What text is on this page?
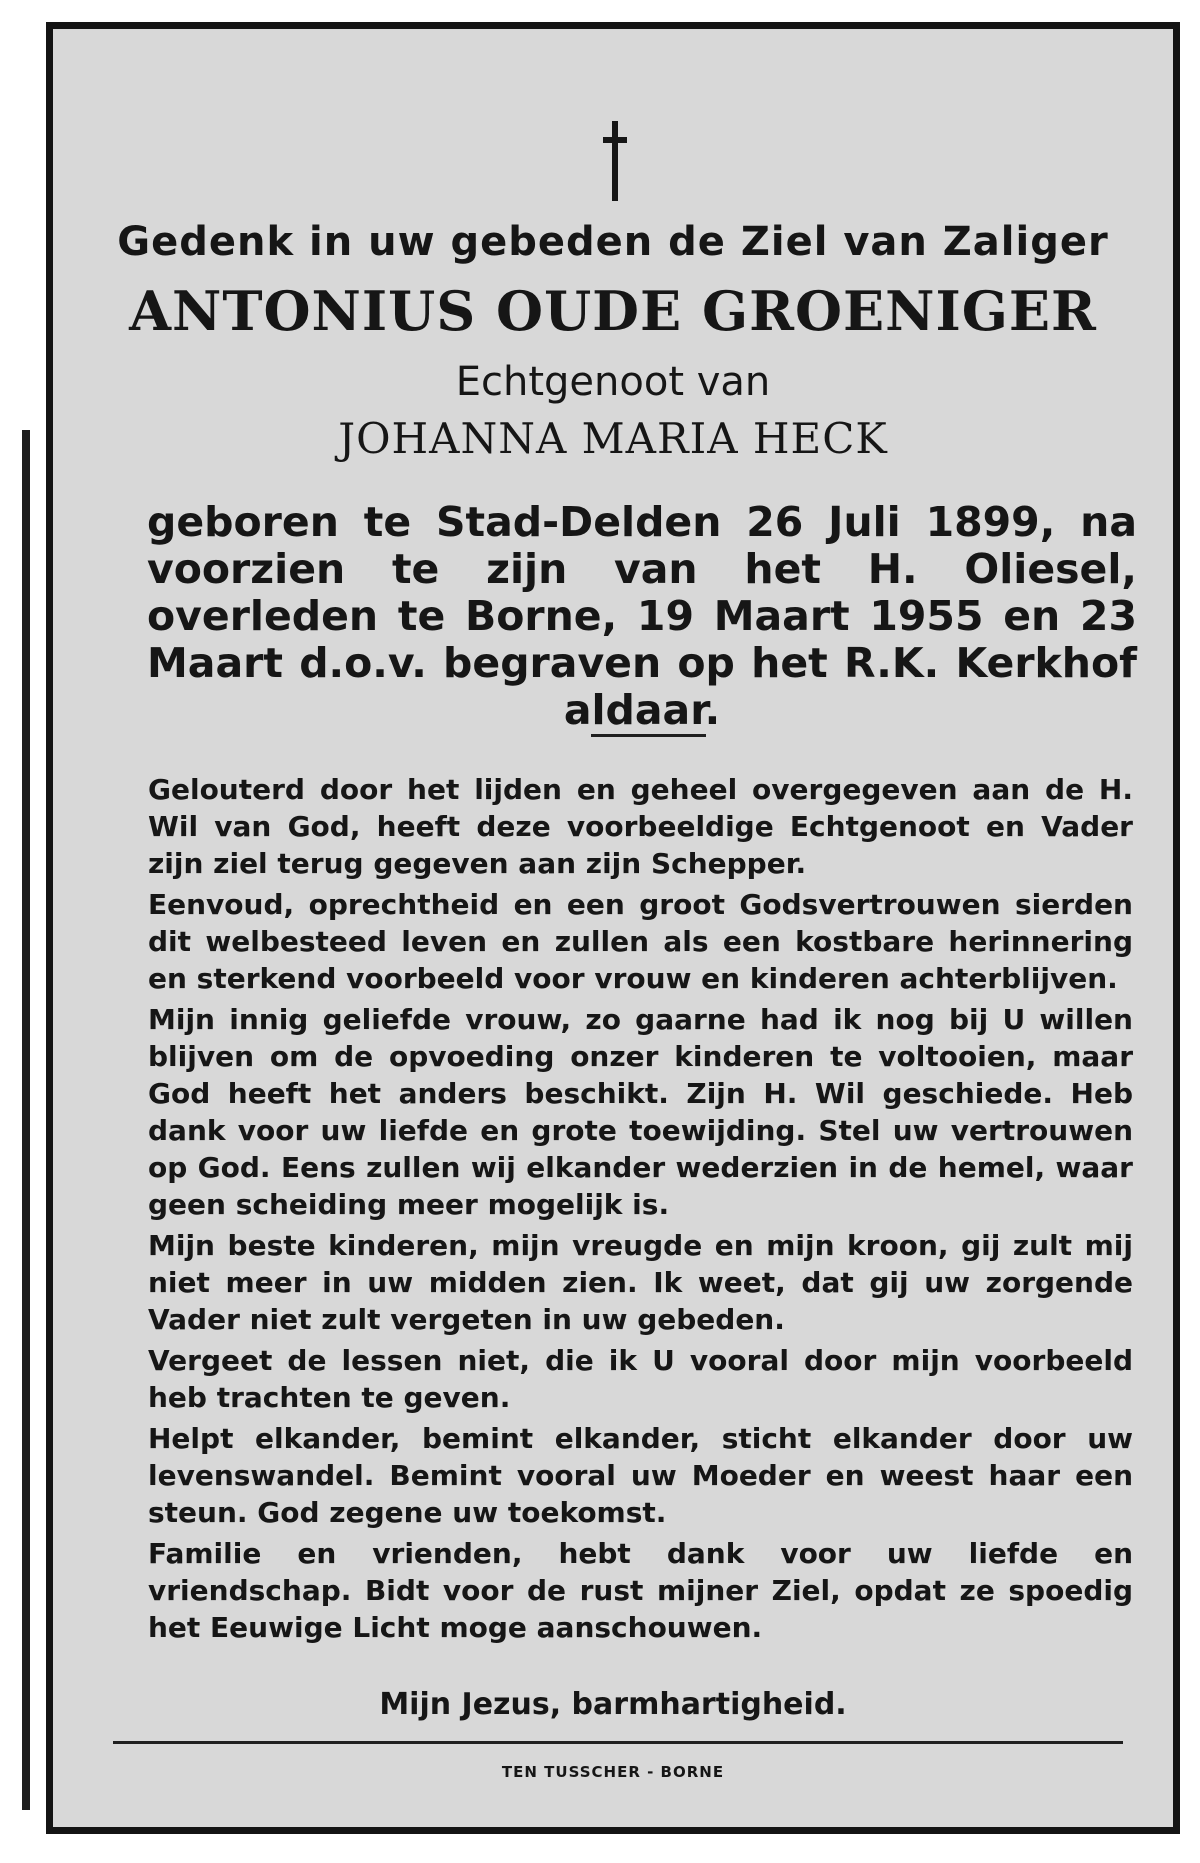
Gedenk in uw gebeden de Ziel van Zaliger
ANTONIUS OUDE GROENIGER
Echtgenoot van
JOHANNA MARIA HECK
geboren te Stad-Delden 26 Juli 1899, na voorzien te zijn van het H. Oliesel, overleden te Borne, 19 Maart 1955 en 23 Maart d.o.v. begraven op het R.K. Kerkhof aldaar.

Gelouterd door het lijden en geheel overgegeven aan de H. Wil van God, heeft deze voorbeeldige Echtgenoot en Vader zijn ziel terug gegeven aan zijn Schepper.

Eenvoud, oprechtheid en een groot Godsvertrouwen sierden dit welbesteed leven en zullen als een kostbare herinnering en sterkend voorbeeld voor vrouw en kinderen achterblijven.

Mijn innig geliefde vrouw, zo gaarne had ik nog bij U willen blijven om de opvoeding onzer kinderen te voltooien, maar God heeft het anders beschikt. Zijn H. Wil geschiede. Heb dank voor uw liefde en grote toewijding. Stel uw vertrouwen op God. Eens zullen wij elkander wederzien in de hemel, waar geen scheiding meer mogelijk is.

Mijn beste kinderen, mijn vreugde en mijn kroon, gij zult mij niet meer in uw midden zien. Ik weet, dat gij uw zorgende Vader niet zult vergeten in uw gebeden.

Vergeet de lessen niet, die ik U vooral door mijn voorbeeld heb trachten te geven.

Helpt elkander, bemint elkander, sticht elkander door uw levenswandel. Bemint vooral uw Moeder en weest haar een steun. God zegene uw toekomst.

Familie en vrienden, hebt dank voor uw liefde en vriendschap. Bidt voor de rust mijner Ziel, opdat ze spoedig het Eeuwige Licht moge aanschouwen.

Mijn Jezus, barmhartigheid.
TEN TUSSCHER - BORNE
